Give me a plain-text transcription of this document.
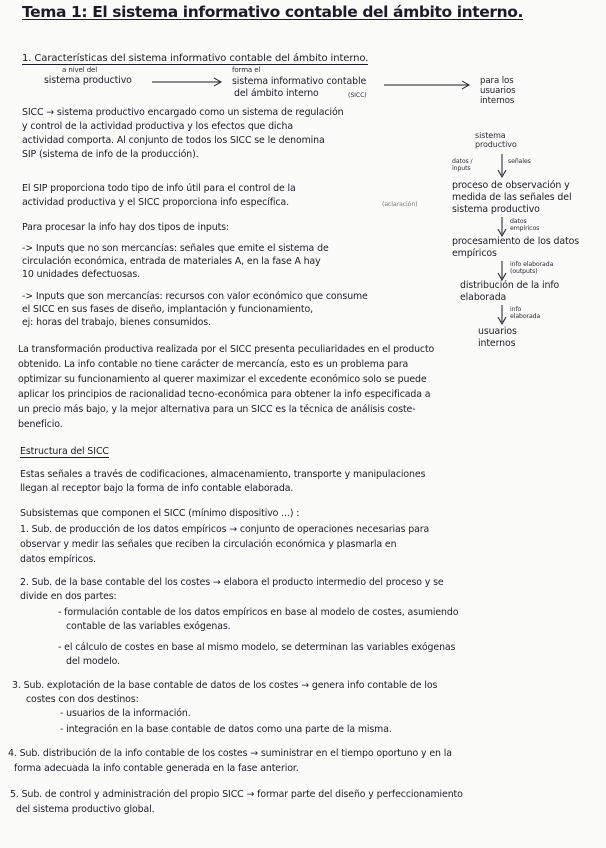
Tema 1: El sistema informativo contable del ámbito interno.
1. Características del sistema informativo contable del ámbito interno.
a nivel del
sistema productivo
forma el
sistema informativo contable
del ámbito interno	(SICC)
para los usuarios internos
SICC → sistema productivo encargado como un sistema de regulación
y control de la actividad productiva y los efectos que dicha
actividad comporta. Al conjunto de todos los SICC se le denomina
SIP (sistema de info de la producción).
El SIP proporciona todo tipo de info útil para el control de la
actividad productiva y el SICC proporciona info específica.	(aclaración)
sistema productivo
datos / inputs
señales
proceso de observación y medida de las señales del sistema productivo
datos empíricos
procesamiento de los datos empíricos
info elaborada (outputs)
distribución de la info elaborada
info elaborada
usuarios internos
Para procesar la info hay dos tipos de inputs:
-> Inputs que no son mercancías: señales que emite el sistema de
circulación económica, entrada de materiales A, en la fase A hay
10 unidades defectuosas.
-> Inputs que son mercancías: recursos con valor económico que consume
el SICC en sus fases de diseño, implantación y funcionamiento,
ej: horas del trabajo, bienes consumidos.
La transformación productiva realizada por el SICC presenta peculiaridades en el producto
obtenido. La info contable no tiene carácter de mercancía, esto es un problema para
optimizar su funcionamiento al querer maximizar el excedente económico solo se puede
aplicar los principios de racionalidad tecno-económica para obtener la info especificada a
un precio más bajo, y la mejor alternativa para un SICC es la técnica de análisis coste-
beneficio.
Estructura del SICC
Estas señales a través de codificaciones, almacenamiento, transporte y manipulaciones
llegan al receptor bajo la forma de info contable elaborada.
Subsistemas que componen el SICC (mínimo dispositivo ...) :
1. Sub. de producción de los datos empíricos → conjunto de operaciones necesarias para
observar y medir las señales que reciben la circulación económica y plasmarla en
datos empíricos.
2. Sub. de la base contable del los costes → elabora el producto intermedio del proceso y se
divide en dos partes:
- formulación contable de los datos empíricos en base al modelo de costes, asumiendo
contable de las variables exógenas.
- el cálculo de costes en base al mismo modelo, se determinan las variables exógenas
del modelo.
3. Sub. explotación de la base contable de datos de los costes → genera info contable de los
costes con dos destinos:
- usuarios de la información.
- integración en la base contable de datos como una parte de la misma.
4. Sub. distribución de la info contable de los costes → suministrar en el tiempo oportuno y en la
forma adecuada la info contable generada en la fase anterior.
5. Sub. de control y administración del propio SICC → formar parte del diseño y perfeccionamiento
del sistema productivo global.
